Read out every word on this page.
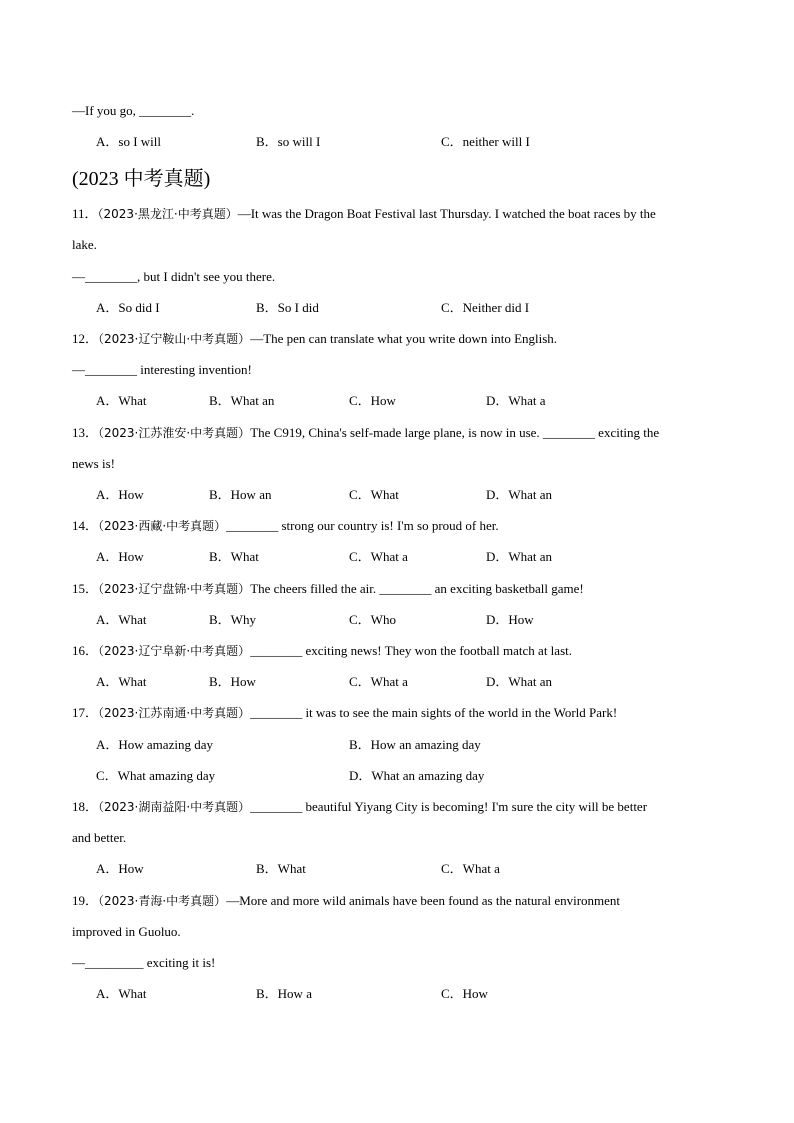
—If you go, ________.
A．so I will	B．so will I	C．neither will I
(2023 中考真题)
11．（2023·黑龙江·中考真题）—It was the Dragon Boat Festival last Thursday. I watched the boat races by the
lake.
—________, but I didn't see you there.
A．So did I	B．So I did	C．Neither did I
12．（2023·辽宁鞍山·中考真题）—The pen can translate what you write down into English.
—________ interesting invention!
A．What	B．What an	C．How	D．What a
13．（2023·江苏淮安·中考真题）The C919, China's self-made large plane, is now in use. ________ exciting the
news is!
A．How	B．How an	C．What	D．What an
14．（2023·西藏·中考真题）________ strong our country is! I'm so proud of her.
A．How	B．What	C．What a	D．What an
15．（2023·辽宁盘锦·中考真题）The cheers filled the air. ________ an exciting basketball game!
A．What	B．Why	C．Who	D．How
16．（2023·辽宁阜新·中考真题）________ exciting news! They won the football match at last.
A．What	B．How	C．What a	D．What an
17．（2023·江苏南通·中考真题）________ it was to see the main sights of the world in the World Park!
A．How amazing day	B．How an amazing day
C．What amazing day	D．What an amazing day
18．（2023·湖南益阳·中考真题）________ beautiful Yiyang City is becoming! I'm sure the city will be better
and better.
A．How	B．What	C．What a
19．（2023·青海·中考真题）—More and more wild animals have been found as the natural environment
improved in Guoluo.
—_________ exciting it is!
A．What	B．How a	C．How
